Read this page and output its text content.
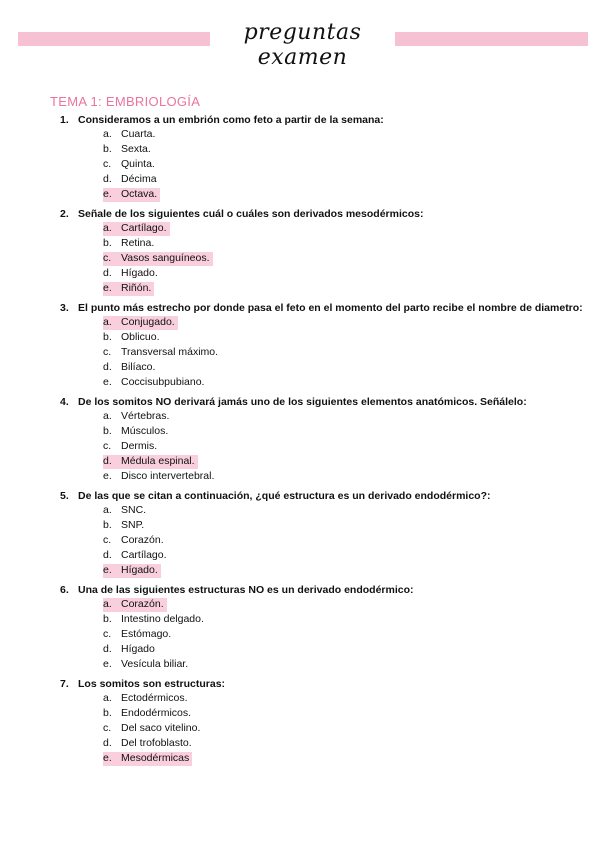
preguntas examen
TEMA 1: EMBRIOLOGÍA
1. Consideramos a un embrión como feto a partir de la semana:
a. Cuarta.
b. Sexta.
c. Quinta.
d. Décima
e. Octava.
2. Señale de los siguientes cuál o cuáles son derivados mesodérmicos:
a. Cartílago.
b. Retina.
c. Vasos sanguíneos.
d. Hígado.
e. Riñón.
3. El punto más estrecho por donde pasa el feto en el momento del parto recibe el nombre de diametro:
a. Conjugado.
b. Oblicuo.
c. Transversal máximo.
d. Bilíaco.
e. Coccisubpubiano.
4. De los somitos NO derivará jamás uno de los siguientes elementos anatómicos. Señálelo:
a. Vértebras.
b. Músculos.
c. Dermis.
d. Médula espinal.
e. Disco intervertebral.
5. De las que se citan a continuación, ¿qué estructura es un derivado endodérmico?:
a. SNC.
b. SNP.
c. Corazón.
d. Cartílago.
e. Hígado.
6. Una de las siguientes estructuras NO es un derivado endodérmico:
a. Corazón.
b. Intestino delgado.
c. Estómago.
d. Hígado
e. Vesícula biliar.
7. Los somitos son estructuras:
a. Ectodérmicos.
b. Endodérmicos.
c. Del saco vitelino.
d. Del trofoblasto.
e. Mesodérmicas
